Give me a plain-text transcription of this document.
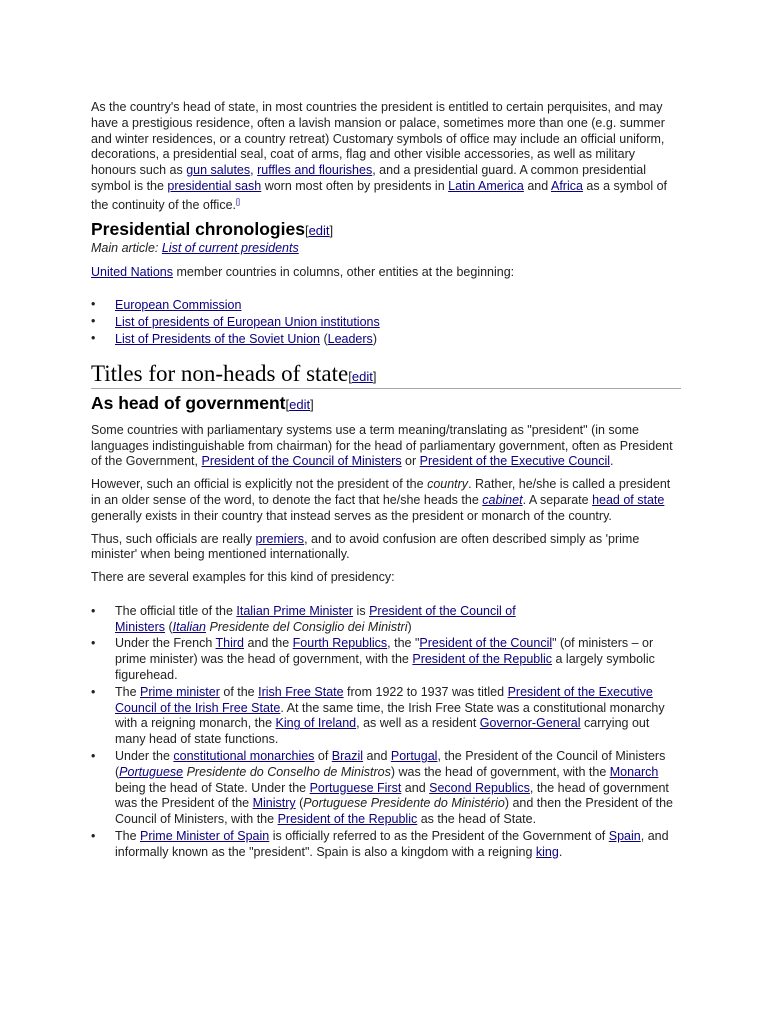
As the country's head of state, in most countries the president is entitled to certain perquisites, and may have a prestigious residence, often a lavish mansion or palace, sometimes more than one (e.g. summer and winter residences, or a country retreat) Customary symbols of office may include an official uniform, decorations, a presidential seal, coat of arms, flag and other visible accessories, as well as military honours such as gun salutes, ruffles and flourishes, and a presidential guard. A common presidential symbol is the presidential sash worn most often by presidents in Latin America and Africa as a symbol of the continuity of the office.[]

Presidential chronologies[edit]

Main article: List of current presidents

United Nations member countries in columns, other entities at the beginning:

• European Commission
• List of presidents of European Union institutions
• List of Presidents of the Soviet Union (Leaders)
Titles for non-heads of state[edit]
As head of government[edit]

Some countries with parliamentary systems use a term meaning/translating as "president" (in some languages indistinguishable from chairman) for the head of parliamentary government, often as President of the Government, President of the Council of Ministers or President of the Executive Council.

However, such an official is explicitly not the president of the country. Rather, he/she is called a president in an older sense of the word, to denote the fact that he/she heads the cabinet. A separate head of state generally exists in their country that instead serves as the president or monarch of the country.

Thus, such officials are really premiers, and to avoid confusion are often described simply as 'prime minister' when being mentioned internationally.

There are several examples for this kind of presidency:

• The official title of the Italian Prime Minister is President of the Council of Ministers (Italian Presidente del Consiglio dei Ministri)
• Under the French Third and the Fourth Republics, the "President of the Council" (of ministers – or prime minister) was the head of government, with the President of the Republic a largely symbolic figurehead.
• The Prime minister of the Irish Free State from 1922 to 1937 was titled President of the Executive Council of the Irish Free State. At the same time, the Irish Free State was a constitutional monarchy with a reigning monarch, the King of Ireland, as well as a resident Governor-General carrying out many head of state functions.
• Under the constitutional monarchies of Brazil and Portugal, the President of the Council of Ministers (Portuguese Presidente do Conselho de Ministros) was the head of government, with the Monarch being the head of State. Under the Portuguese First and Second Republics, the head of government was the President of the Ministry (Portuguese Presidente do Ministério) and then the President of the Council of Ministers, with the President of the Republic as the head of State.
• The Prime Minister of Spain is officially referred to as the President of the Government of Spain, and informally known as the "president". Spain is also a kingdom with a reigning king.
